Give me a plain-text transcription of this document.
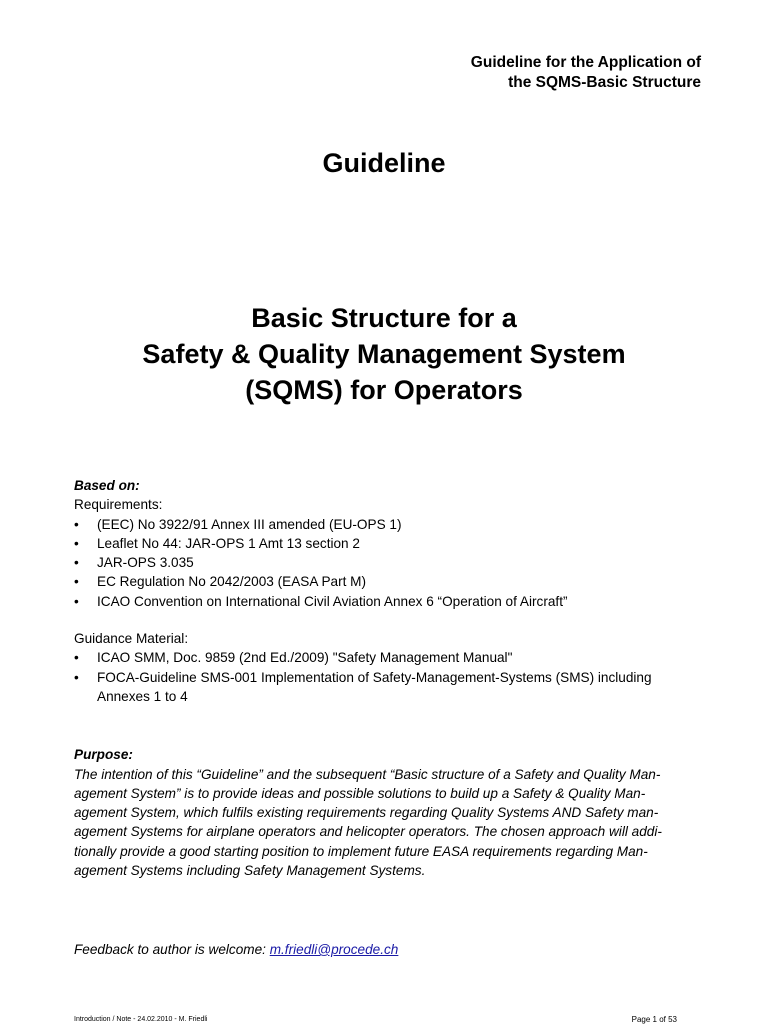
Guideline for the Application of
the SQMS-Basic Structure
Guideline
Basic Structure for a
Safety & Quality Management System
(SQMS) for Operators
Based on:
Requirements:
• (EEC) No 3922/91 Annex III amended (EU-OPS 1)
• Leaflet No 44: JAR-OPS 1 Amt 13 section 2
• JAR-OPS 3.035
• EC Regulation No 2042/2003 (EASA Part M)
• ICAO Convention on International Civil Aviation Annex 6 “Operation of Aircraft”
Guidance Material:
• ICAO SMM, Doc. 9859 (2nd Ed./2009) "Safety Management Manual"
• FOCA-Guideline SMS-001 Implementation of Safety-Management-Systems (SMS) including Annexes 1 to 4
Purpose:
The intention of this “Guideline” and the subsequent “Basic structure of a Safety and Quality Man-
agement System” is to provide ideas and possible solutions to build up a Safety & Quality Man-
agement System, which fulfils existing requirements regarding Quality Systems AND Safety man-
agement Systems for airplane operators and helicopter operators. The chosen approach will addi-
tionally provide a good starting position to implement future EASA requirements regarding Man-
agement Systems including Safety Management Systems.
Feedback to author is welcome: m.friedli@procede.ch
Introduction / Note - 24.02.2010 - M. Friedli	Page 1 of 53
